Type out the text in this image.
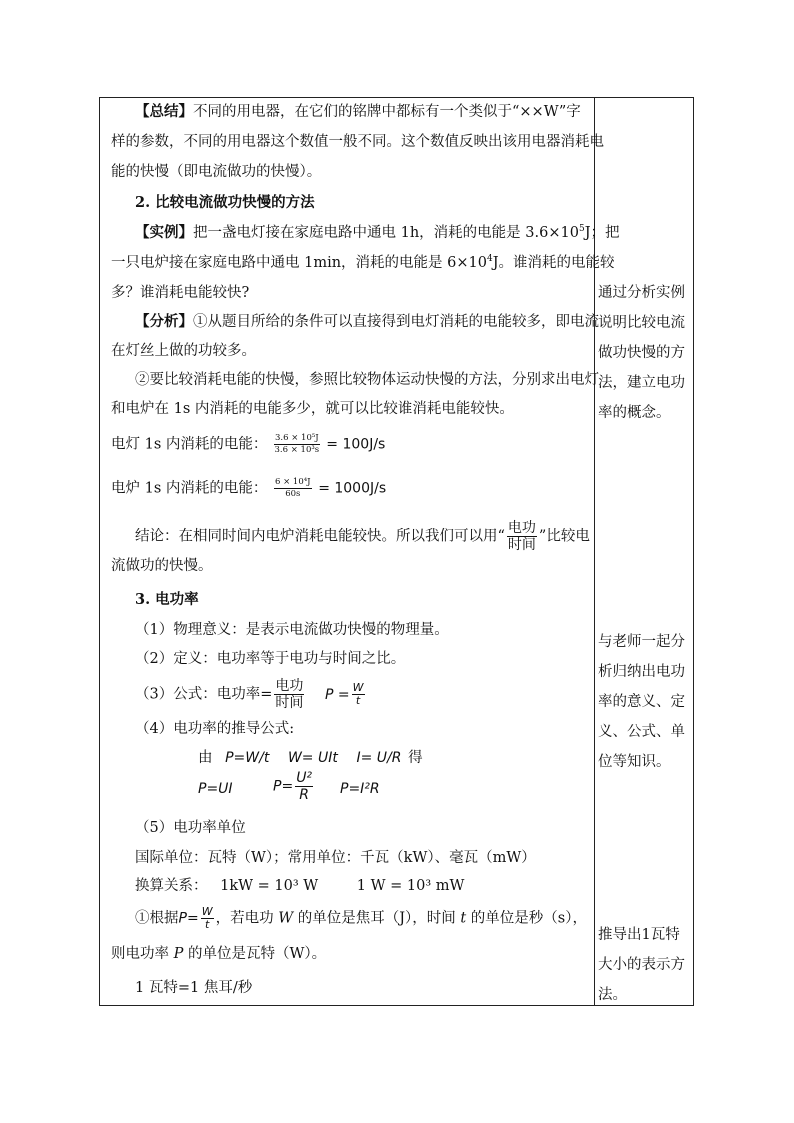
【总结】不同的用电器，在它们的铭牌中都标有一个类似于“××W”字
样的参数，不同的用电器这个数值一般不同。这个数值反映出该用电器消耗电
能的快慢（即电流做功的快慢）。
2. 比较电流做功快慢的方法
【实例】把一盏电灯接在家庭电路中通电 1h，消耗的电能是 $3.6\times 10^5J$；把
一只电炉接在家庭电路中通电 1min，消耗的电能是 $6\times 10^4J$。谁消耗的电能较
多？谁消耗电能较快?
【分析】①从题目所给的条件可以直接得到电灯消耗的电能较多，即电流
在灯丝上做的功较多。
②要比较消耗电能的快慢，参照比较物体运动快慢的方法，分别求出电灯
和电炉在 1s 内消耗的电能多少，就可以比较谁消耗电能较快。
电灯 1s 内消耗的电能： $\frac{\text{3.6 × 10⁵J}}{\text{3.6 × 10³s}} = 100J/s$
电炉 1s 内消耗的电能： $\frac{\text{6 × 10⁴J}}{60s} = 1000J/s$
结论：在相同时间内电炉消耗电能较快。所以我们可以用“ $\frac{\text{电功}}{\text{时间}}$ ”比较电
流做功的快慢。
3. 电功率
（1）物理意义：是表示电流做功快慢的物理量。
（2）定义：电功率等于电功与时间之比。
（3）公式：电功率= $\frac{\text{电功}}{\text{时间}}$ $P = \frac{W}{t}$
（4）电功率的推导公式:
由 P=W/t W= UIt I= U/R 得
P=UI	$P= \frac{\text{U²}}{R} P=I^2R$
（5）电功率单位
国际单位：瓦特（W）；常用单位：千瓦（kW）、毫瓦（mW）
换算关系： 1kW = 10³ W	1 W = 10³ mW
①根据$P= \frac{W}{t}$ ，若电功 W 的单位是焦耳（J），时间 t 的单位是秒（s），
则电功率 P 的单位是瓦特（W）。
1 瓦特=1 焦耳/秒
通过分析实例说明比较电流做功快慢的方法，建立电功率的概念。
与老师一起分析归纳出电功率的意义、定义、公式、单位等知识。
推导出1瓦特大小的表示方法。
